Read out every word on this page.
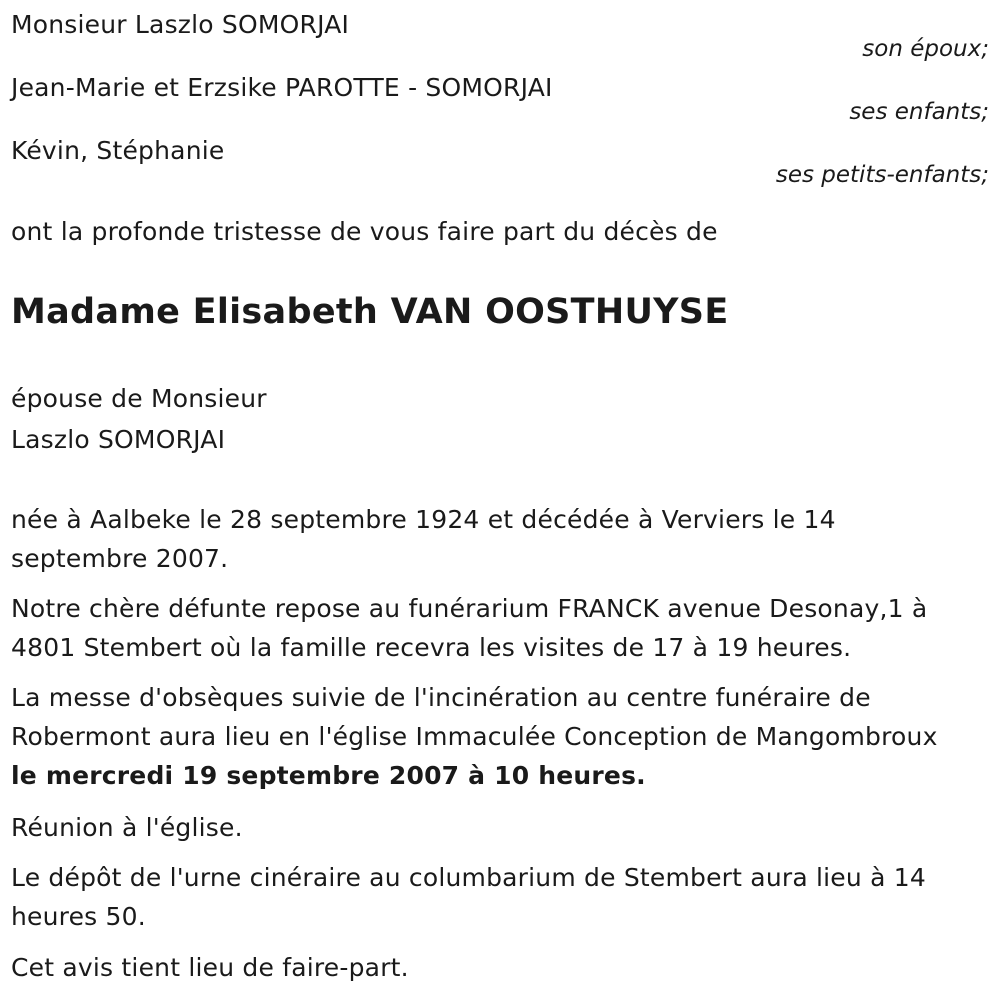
Monsieur Laszlo SOMORJAI
son époux;
Jean-Marie et Erzsike PAROTTE - SOMORJAI
ses enfants;
Kévin, Stéphanie
ses petits-enfants;
ont la profonde tristesse de vous faire part du décès de
Madame Elisabeth VAN OOSTHUYSE
épouse de Monsieur
Laszlo SOMORJAI
née à Aalbeke le 28 septembre 1924 et décédée à Verviers le 14
septembre 2007.
Notre chère défunte repose au funérarium FRANCK avenue Desonay,1 à
4801 Stembert où la famille recevra les visites de 17 à 19 heures.
La messe d'obsèques suivie de l'incinération au centre funéraire de
Robermont aura lieu en l'église Immaculée Conception de Mangombroux
le mercredi 19 septembre 2007 à 10 heures.
Réunion à l'église.
Le dépôt de l'urne cinéraire au columbarium de Stembert aura lieu à 14
heures 50.
Cet avis tient lieu de faire-part.
